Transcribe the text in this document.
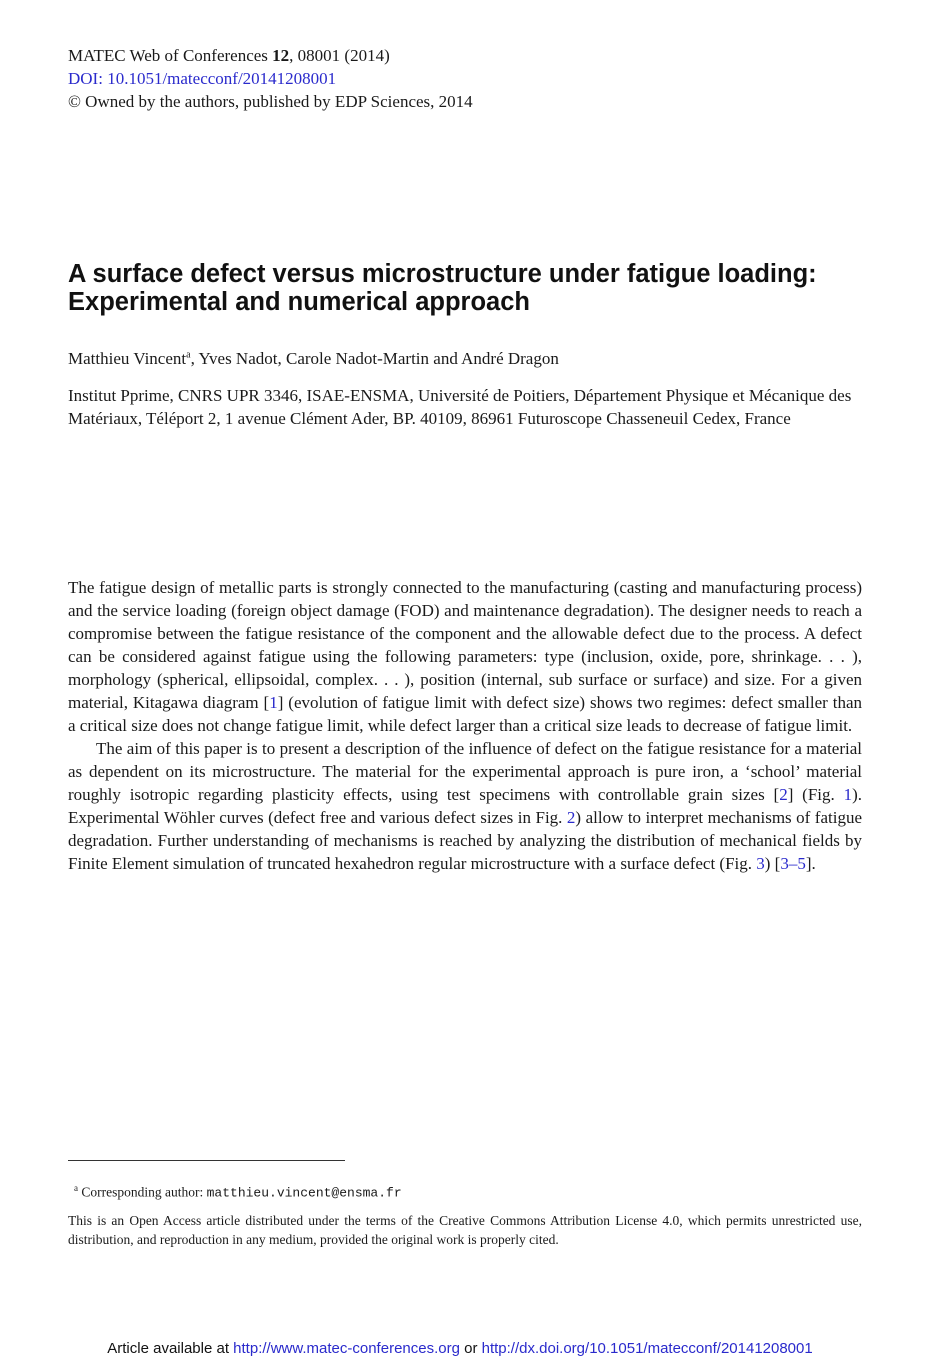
MATEC Web of Conferences 12, 08001 (2014)
DOI: 10.1051/matecconf/20141208001
© Owned by the authors, published by EDP Sciences, 2014
A surface defect versus microstructure under fatigue loading:
Experimental and numerical approach
Matthieu Vincent$^a$, Yves Nadot, Carole Nadot-Martin and André Dragon
Institut Pprime, CNRS UPR 3346, ISAE-ENSMA, Université de Poitiers, Département Physique et Mécanique des Matériaux, Téléport 2, 1 avenue Clément Ader, BP. 40109, 86961 Futuroscope Chasseneuil Cedex, France

The fatigue design of metallic parts is strongly connected to the manufacturing (casting and manufacturing process) and the service loading (foreign object damage (FOD) and maintenance degradation). The designer needs to reach a compromise between the fatigue resistance of the component and the allowable defect due to the process. A defect can be considered against fatigue using the following parameters: type (inclusion, oxide, pore, shrinkage. . . ), morphology (spherical, ellipsoidal, complex. . . ), position (internal, sub surface or surface) and size. For a given material, Kitagawa diagram [1] (evolution of fatigue limit with defect size) shows two regimes: defect smaller than a critical size does not change fatigue limit, while defect larger than a critical size leads to decrease of fatigue limit.

The aim of this paper is to present a description of the influence of defect on the fatigue resistance for a material as dependent on its microstructure. The material for the experimental approach is pure iron, a ‘school’ material roughly isotropic regarding plasticity effects, using test specimens with controllable grain sizes [2] (Fig. 1). Experimental Wöhler curves (defect free and various defect sizes in Fig. 2) allow to interpret mechanisms of fatigue degradation. Further understanding of mechanisms is reached by analyzing the distribution of mechanical fields by Finite Element simulation of truncated hexahedron regular microstructure with a surface defect (Fig. 3) [3–5].

$^a$ Corresponding author: matthieu.vincent@ensma.fr
This is an Open Access article distributed under the terms of the Creative Commons Attribution License 4.0, which permits unrestricted use, distribution, and reproduction in any medium, provided the original work is properly cited.
Article available at http://www.matec-conferences.org or http://dx.doi.org/10.1051/matecconf/20141208001
